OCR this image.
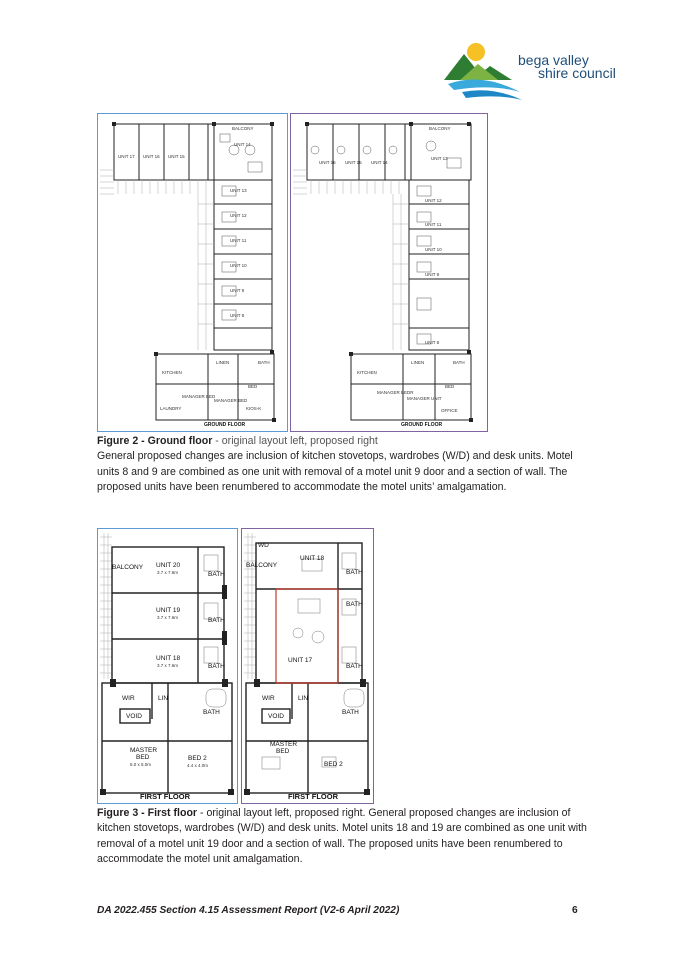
bega valley
shire council
UNIT 17 UNIT 16 UNIT 15
UNIT 14
UNIT 13
UNIT 12
UNIT 11
UNIT 10
UNIT 9
UNIT 8
BALCONY
KITCHEN
LAUNDRY
MANAGER BED
MANAGER BED
LINEN
BED
KIOS-K
BATH
GROUND FLOOR
UNIT 16 UNIT 15 UNIT 14
UNIT 13
UNIT 12
UNIT 11
UNIT 10
UNIT 9
UNIT 8
BALCONY
KITCHEN
MANAGER BEDR
MANAGER UNIT
OFFICE
LINEN
BED
BATH
GROUND FLOOR
Figure 2 - Ground floor - original layout left, proposed right
General proposed changes are inclusion of kitchen stovetops, wardrobes (W/D) and desk units. Motel units 8 and 9 are combined as one unit with removal of a motel unit 9 door and a section of wall. The proposed units have been renumbered to accommodate the motel units’ amalgamation.
BALCONY UNIT 20
3.7 x 7.6m
UNIT 19
3.7 x 7.6m
UNIT 18
3.7 x 7.6m
BATH
BATH
BATH
BATH
WIR	LIN
VOID
MASTER
BED
5.0 x 5.0m
BED 2
4.4 x 4.0m
FIRST FLOOR
WD
BALCONY
UNIT 18
UNIT 17
BATH
BATH
BATH
BATH
WIR	LIN
VOID
MASTER
BED
BED 2
FIRST FLOOR
Figure 3 - First floor - original layout left, proposed right. General proposed changes are inclusion of kitchen stovetops, wardrobes (W/D) and desk units. Motel units 18 and 19 are combined as one unit with removal of a motel unit 19 door and a section of wall. The proposed units have been renumbered to accommodate the motel unit amalgamation.
DA 2022.455 Section 4.15 Assessment Report (V2-6 April 2022)	6
